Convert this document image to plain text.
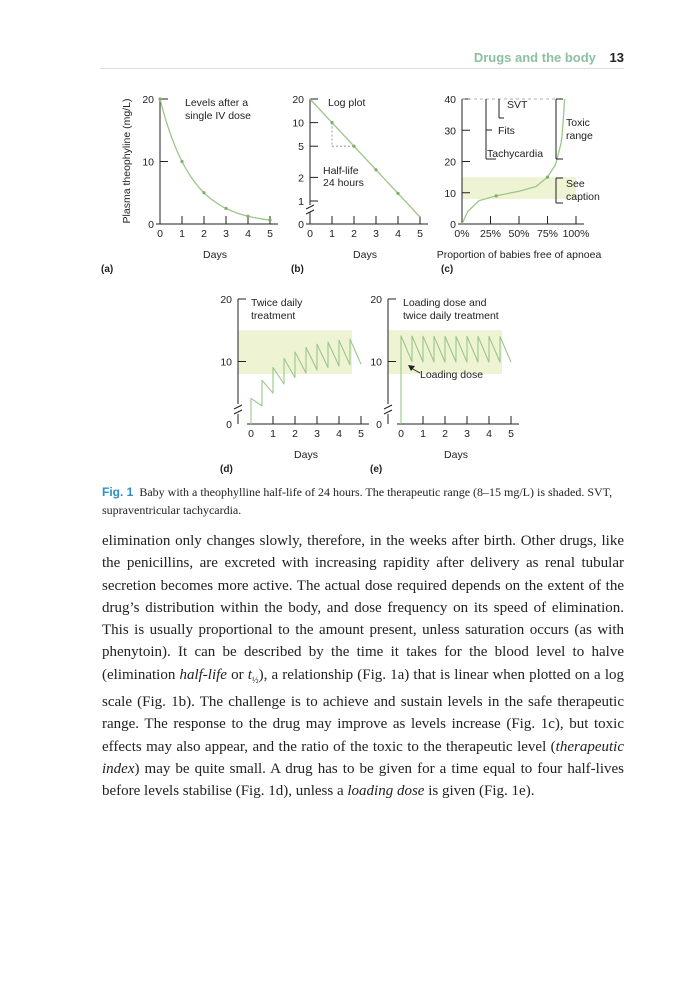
Drugs and the body 13
0
10
20
0 1 2 3 4 5
Plasma theophyline (mg/L)
Days
(a)
Levels after a
single IV dose
0
1
2
5
10
20
0 1 2 3 4 5
Days
(b)
Log plot
Half-life
24 hours
0
10
20
30
40
0% 25% 50% 75% 100%
Proportion of babies free of apnoea
(c)
SVT
Fits
Tachycardia
Toxic
range
See
caption
0
10
20
0 1 2 3 4 5
Days
(d)
Twice daily
treatment
0
10
20
0 1 2 3 4 5
Days
(e)
Loading dose and
twice daily treatment
Loading dose
Fig. 1 Baby with a theophylline half-life of 24 hours. The therapeutic range (8–15 mg/L) is shaded. SVT, supraventricular tachycardia.
elimination only changes slowly, therefore, in the weeks after birth. Other drugs, like the penicillins, are excreted with increasing rapidity after delivery as renal tubular secretion becomes more active. The actual dose required depends on the extent of the drug’s distribution within the body, and dose frequency on its speed of elimination. This is usually proportional to the amount present, unless saturation occurs (as with phenytoin). It can be described by the time it takes for the blood level to halve (elimination half-life or $t_{\frac{1}{2}}$), a relationship (Fig. 1a) that is linear when plotted on a log scale (Fig. 1b). The challenge is to achieve and sustain levels in the safe therapeutic range. The response to the drug may improve as levels increase (Fig. 1c), but toxic effects may also appear, and the ratio of the toxic to the therapeutic level (therapeutic index) may be quite small. A drug has to be given for a time equal to four half-lives before levels stabilise (Fig. 1d), unless a loading dose is given (Fig. 1e).
